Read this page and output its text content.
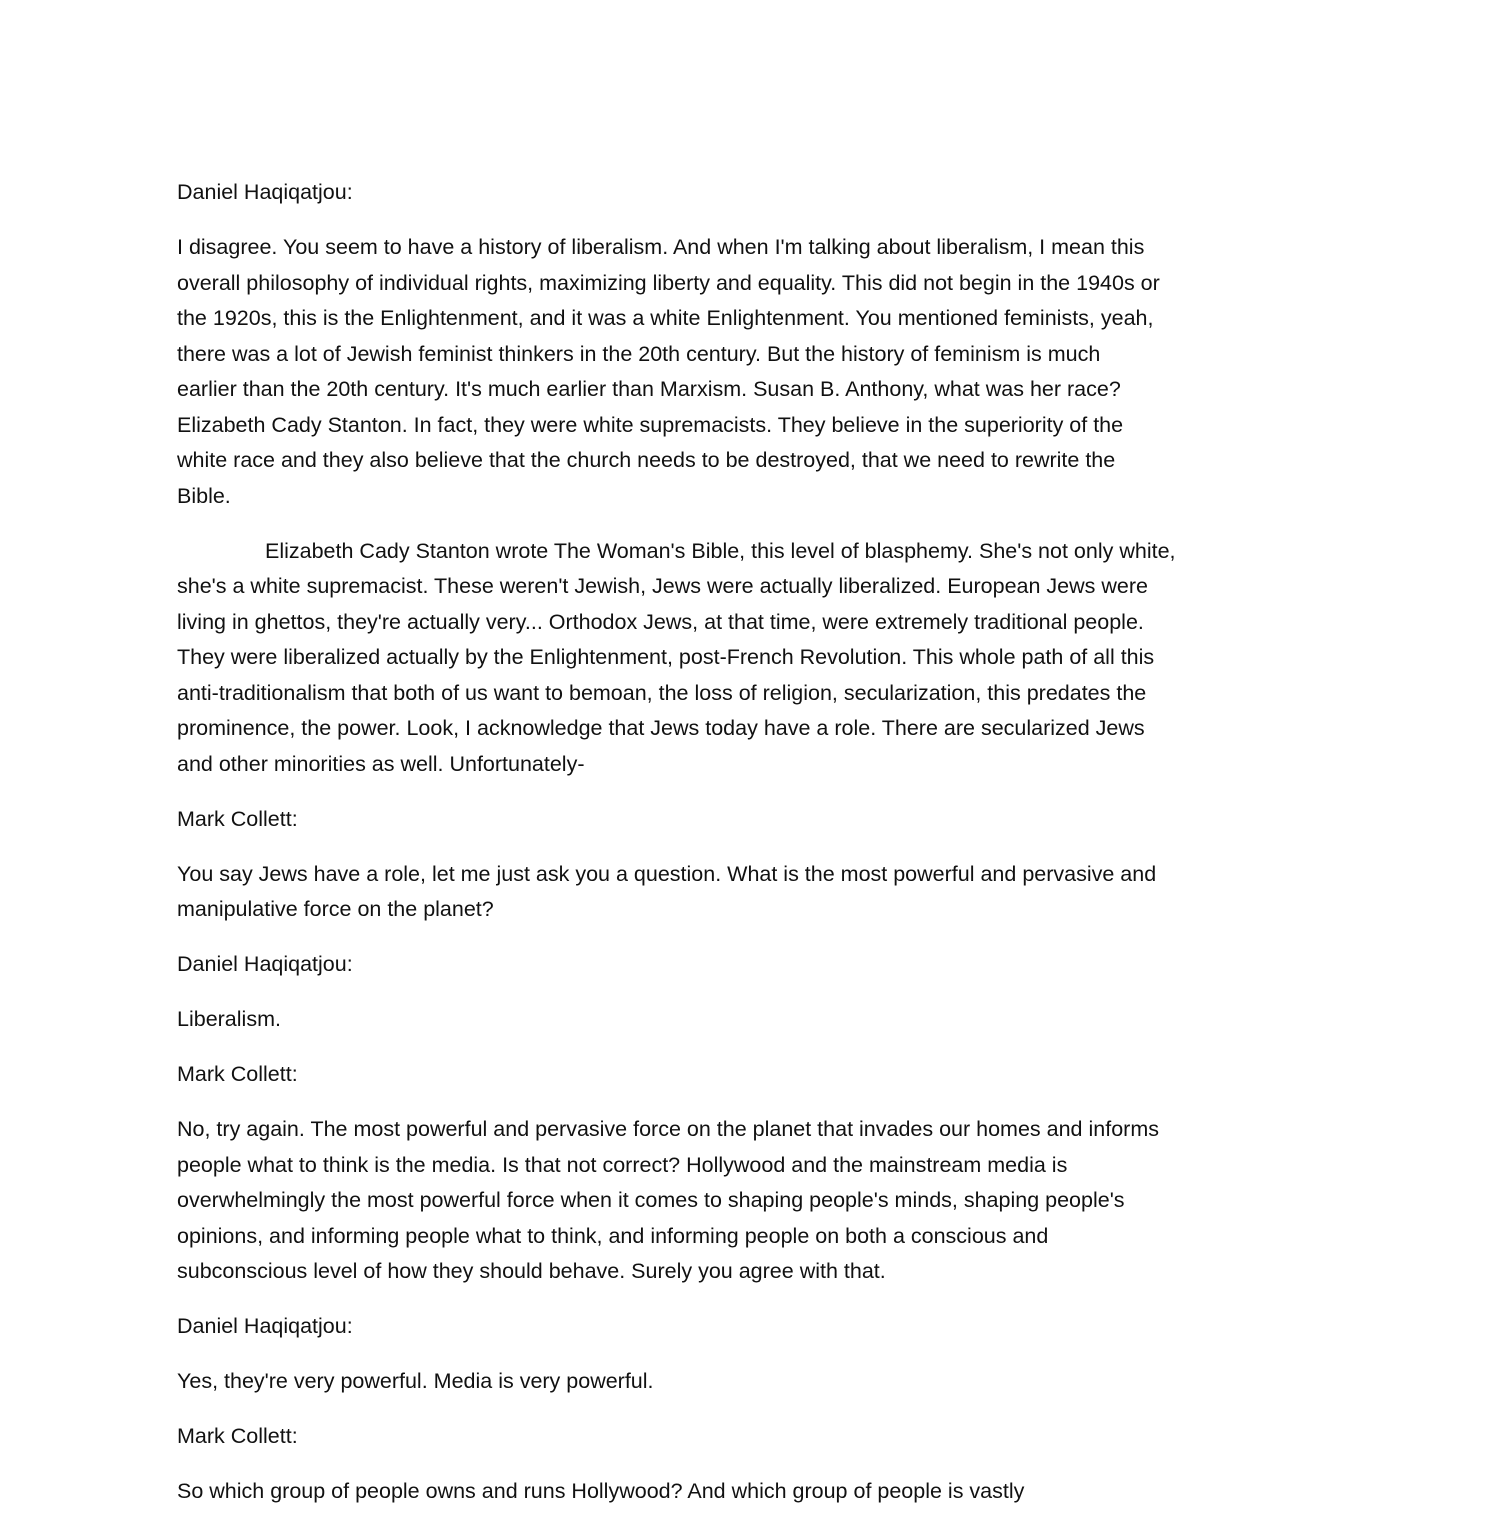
Daniel Haqiqatjou:
I disagree. You seem to have a history of liberalism. And when I'm talking about liberalism, I mean this
overall philosophy of individual rights, maximizing liberty and equality. This did not begin in the 1940s or
the 1920s, this is the Enlightenment, and it was a white Enlightenment. You mentioned feminists, yeah,
there was a lot of Jewish feminist thinkers in the 20th century. But the history of feminism is much
earlier than the 20th century. It's much earlier than Marxism. Susan B. Anthony, what was her race?
Elizabeth Cady Stanton. In fact, they were white supremacists. They believe in the superiority of the
white race and they also believe that the church needs to be destroyed, that we need to rewrite the
Bible.
Elizabeth Cady Stanton wrote The Woman's Bible, this level of blasphemy. She's not only white,
she's a white supremacist. These weren't Jewish, Jews were actually liberalized. European Jews were
living in ghettos, they're actually very... Orthodox Jews, at that time, were extremely traditional people.
They were liberalized actually by the Enlightenment, post-French Revolution. This whole path of all this
anti-traditionalism that both of us want to bemoan, the loss of religion, secularization, this predates the
prominence, the power. Look, I acknowledge that Jews today have a role. There are secularized Jews
and other minorities as well. Unfortunately-
Mark Collett:
You say Jews have a role, let me just ask you a question. What is the most powerful and pervasive and
manipulative force on the planet?
Daniel Haqiqatjou:
Liberalism.
Mark Collett:
No, try again. The most powerful and pervasive force on the planet that invades our homes and informs
people what to think is the media. Is that not correct? Hollywood and the mainstream media is
overwhelmingly the most powerful force when it comes to shaping people's minds, shaping people's
opinions, and informing people what to think, and informing people on both a conscious and
subconscious level of how they should behave. Surely you agree with that.
Daniel Haqiqatjou:
Yes, they're very powerful. Media is very powerful.
Mark Collett:
So which group of people owns and runs Hollywood? And which group of people is vastly
